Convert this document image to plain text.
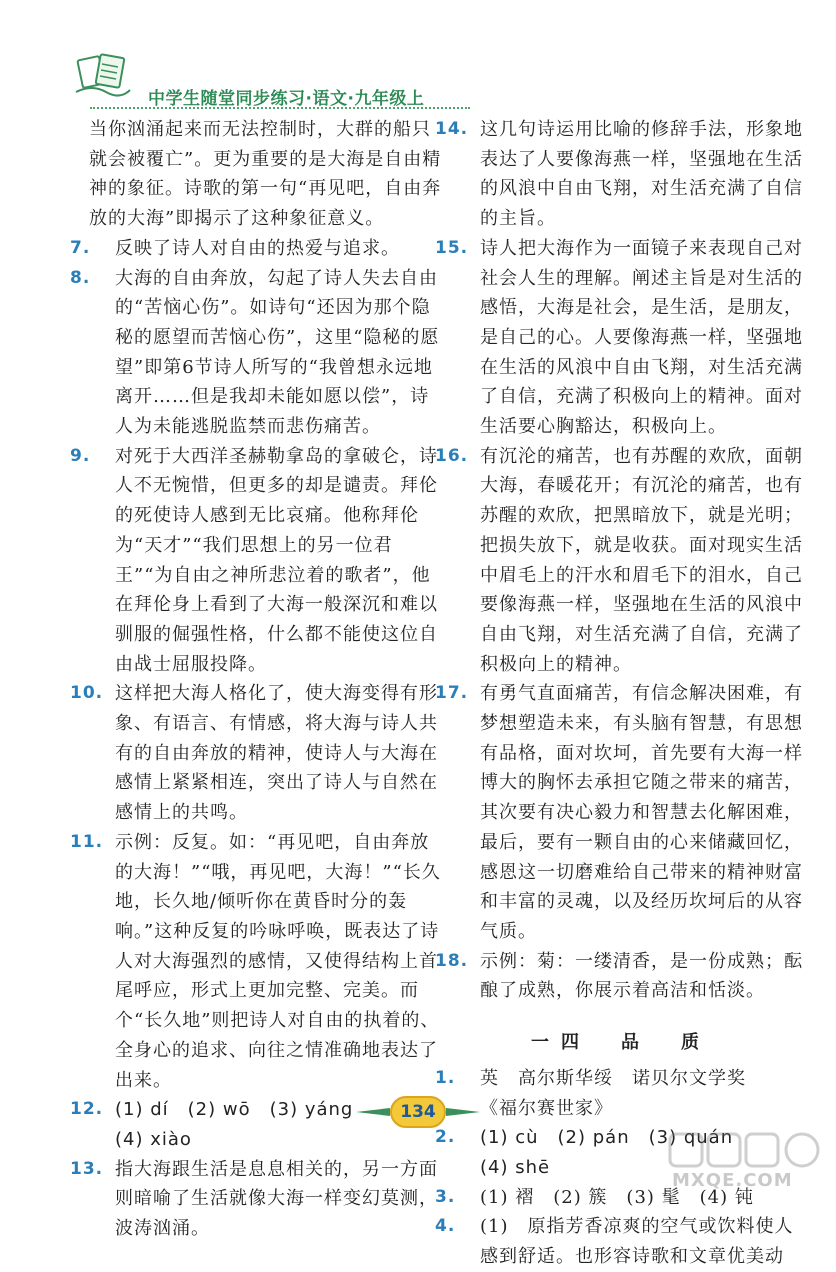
中学生随堂同步练习·语文·九年级上
当你汹涌起来而无法控制时，大群的船只就会被覆亡”。更为重要的是大海是自由精神的象征。诗歌的第一句“再见吧，自由奔放的大海”即揭示了这种象征意义。
7. 反映了诗人对自由的热爱与追求。
8. 大海的自由奔放，勾起了诗人失去自由的“苦恼心伤”。如诗句“还因为那个隐秘的愿望而苦恼心伤”，这里“隐秘的愿望”即第6节诗人所写的“我曾想永远地离开……但是我却未能如愿以偿”，诗人为未能逃脱监禁而悲伤痛苦。
9. 对死于大西洋圣赫勒拿岛的拿破仑，诗人不无惋惜，但更多的却是谴责。拜伦的死使诗人感到无比哀痛。他称拜伦为“天才”“我们思想上的另一位君王”“为自由之神所悲泣着的歌者”，他在拜伦身上看到了大海一般深沉和难以驯服的倔强性格，什么都不能使这位自由战士屈服投降。
10. 这样把大海人格化了，使大海变得有形象、有语言、有情感，将大海与诗人共有的自由奔放的精神，使诗人与大海在感情上紧紧相连，突出了诗人与自然在感情上的共鸣。
11. 示例：反复。如：“再见吧，自由奔放的大海！”“哦，再见吧，大海！”“长久地，长久地/倾听你在黄昏时分的轰响。”这种反复的吟咏呼唤，既表达了诗人对大海强烈的感情，又使得结构上首尾呼应，形式上更加完整、完美。而个“长久地”则把诗人对自由的执着的、全身心的追求、向往之情准确地表达了出来。
12. (1) dí　(2) wō　(3) yáng
(4) xiào
13. 指大海跟生活是息息相关的，另一方面则暗喻了生活就像大海一样变幻莫测，波涛汹涌。
14. 这几句诗运用比喻的修辞手法，形象地表达了人要像海燕一样，坚强地在生活的风浪中自由飞翔，对生活充满了自信的主旨。
15. 诗人把大海作为一面镜子来表现自己对社会人生的理解。阐述主旨是对生活的感悟，大海是社会，是生活，是朋友，是自己的心。人要像海燕一样，坚强地在生活的风浪中自由飞翔，对生活充满了自信，充满了积极向上的精神。面对生活要心胸豁达，积极向上。
16. 有沉沦的痛苦，也有苏醒的欢欣，面朝大海，春暖花开；有沉沦的痛苦，也有苏醒的欢欣，把黑暗放下，就是光明；把损失放下，就是收获。面对现实生活中眉毛上的汗水和眉毛下的泪水，自己要像海燕一样，坚强地在生活的风浪中自由飞翔，对生活充满了自信，充满了积极向上的精神。
17. 有勇气直面痛苦，有信念解决困难，有梦想塑造未来，有头脑有智慧，有思想有品格，面对坎坷，首先要有大海一样博大的胸怀去承担它随之带来的痛苦，其次要有决心毅力和智慧去化解困难，最后，要有一颗自由的心来储藏回忆，感恩这一切磨难给自己带来的精神财富和丰富的灵魂，以及经历坎坷后的从容气质。
18. 示例：菊：一缕清香，是一份成熟；酝酿了成熟，你展示着高洁和恬淡。
一四　品　质
1. 英　高尔斯华绥　诺贝尔文学奖
《福尔赛世家》
2. (1) cù　(2) pán　(3) quán
(4) shē
3. (1) 褶　(2) 簇　(3) 髦　(4) 钝
4. (1)　原指芳香凉爽的空气或饮料使人感到舒适。也形容诗歌和文章优美动
134
MXQE.COM
